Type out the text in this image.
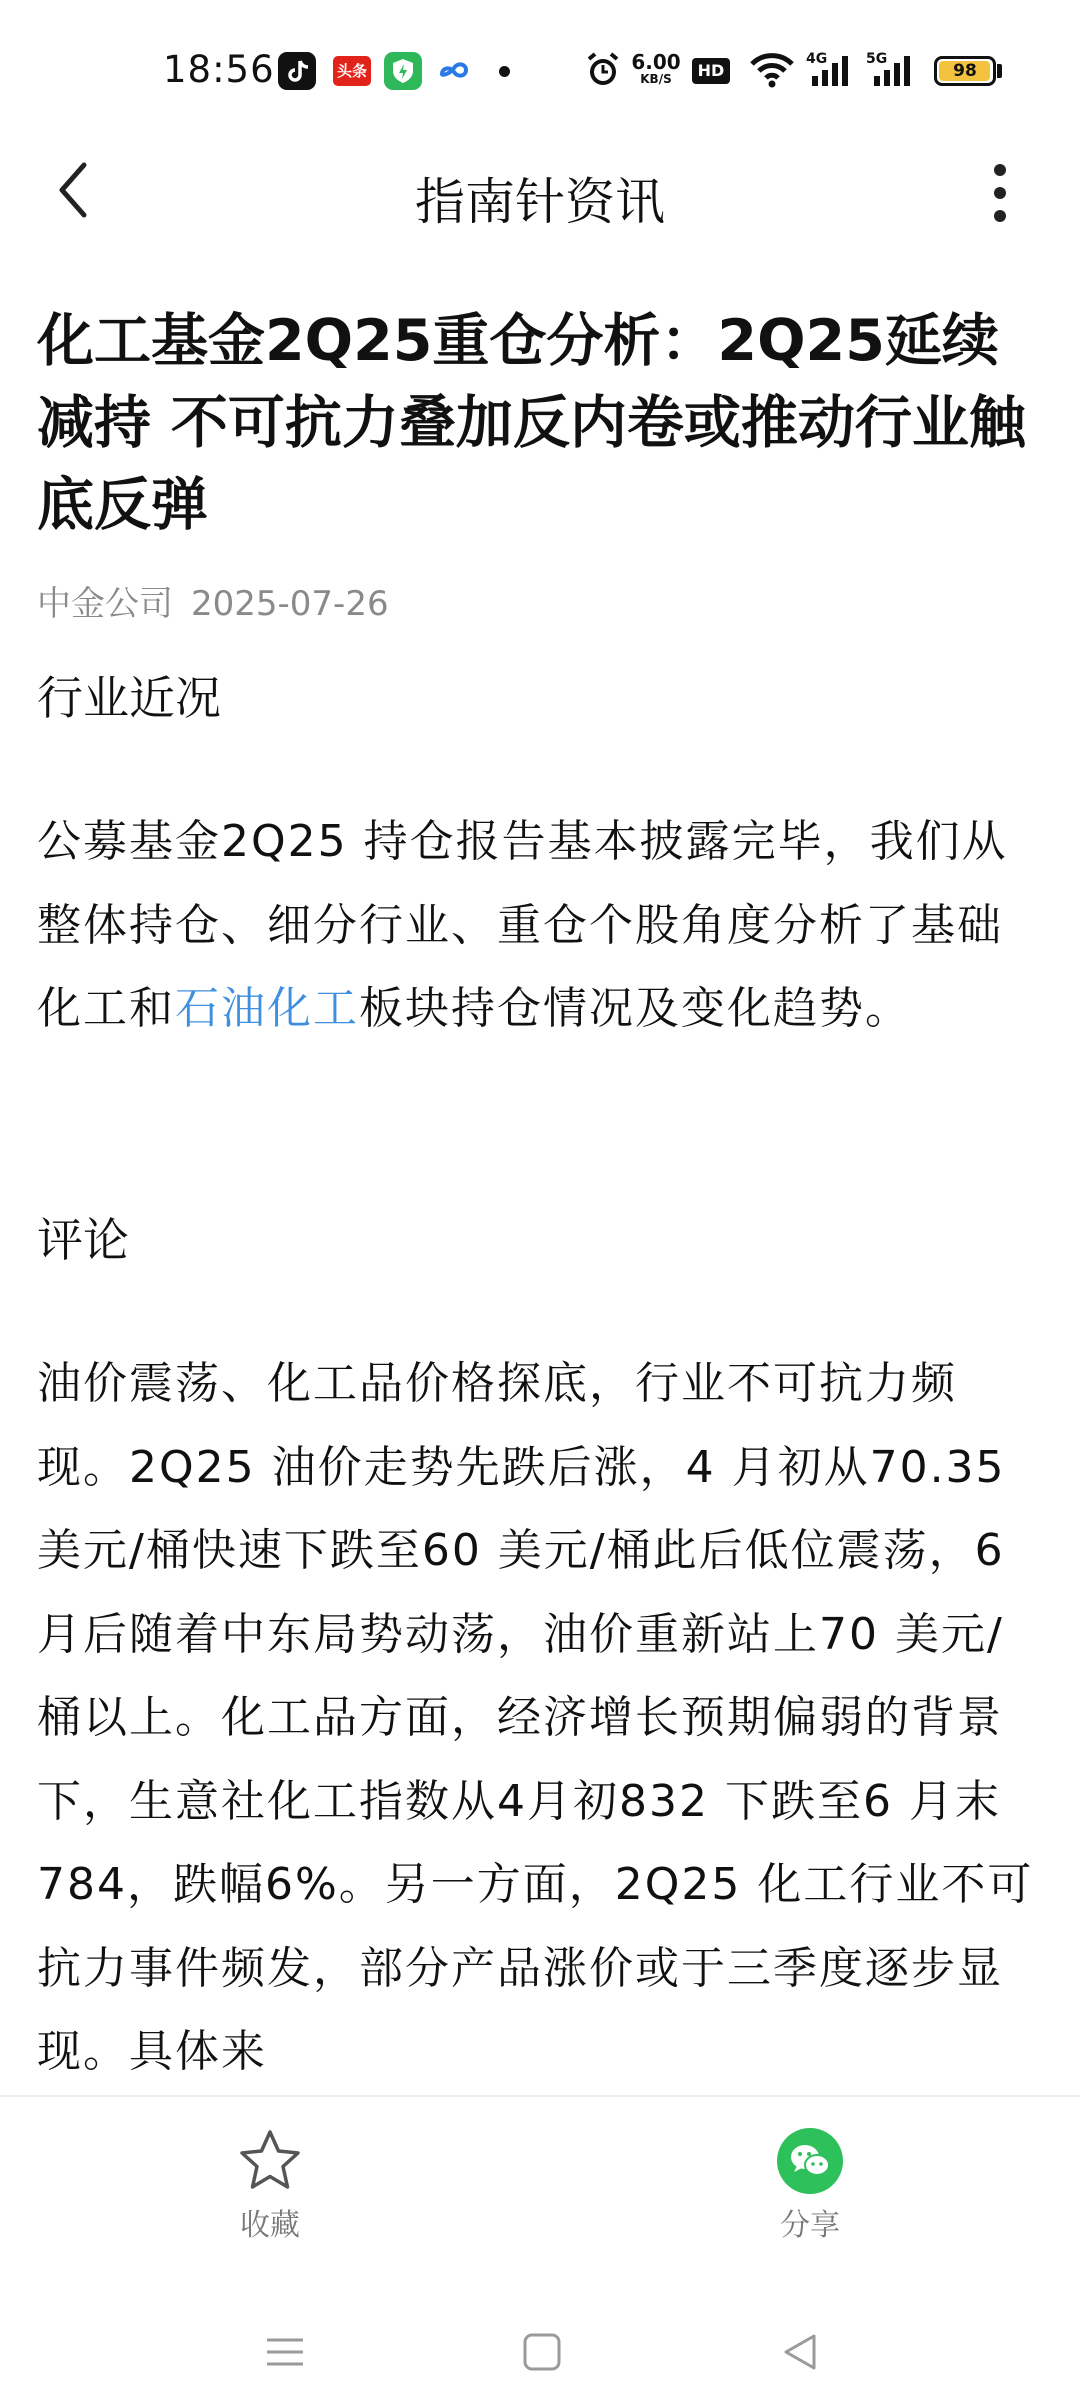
18:56	头条	6.00
KB/S	HD
4G	5G
98
指南针资讯
化工基金2Q25重仓分析：2Q25延续减持 不可抗力叠加反内卷或推动行业触底反弹
中金公司 2025-07-26

行业近况

公募基金2Q25 持仓报告基本披露完毕，我们从整体持仓、细分行业、重仓个股角度分析了基础化工和石油化工板块持仓情况及变化趋势。

评论

油价震荡、化工品价格探底，行业不可抗力频现。2Q25 油价走势先跌后涨，4 月初从70.35 美元/桶快速下跌至60 美元/桶此后低位震荡，6 月后随着中东局势动荡，油价重新站上70 美元/桶以上。化工品方面，经济增长预期偏弱的背景下，生意社化工指数从4月初832 下跌至6 月末784，跌幅6%。另一方面，2Q25 化工行业不可抗力事件频发，部分产品涨价或于三季度逐步显现。具体来

收藏	分享
